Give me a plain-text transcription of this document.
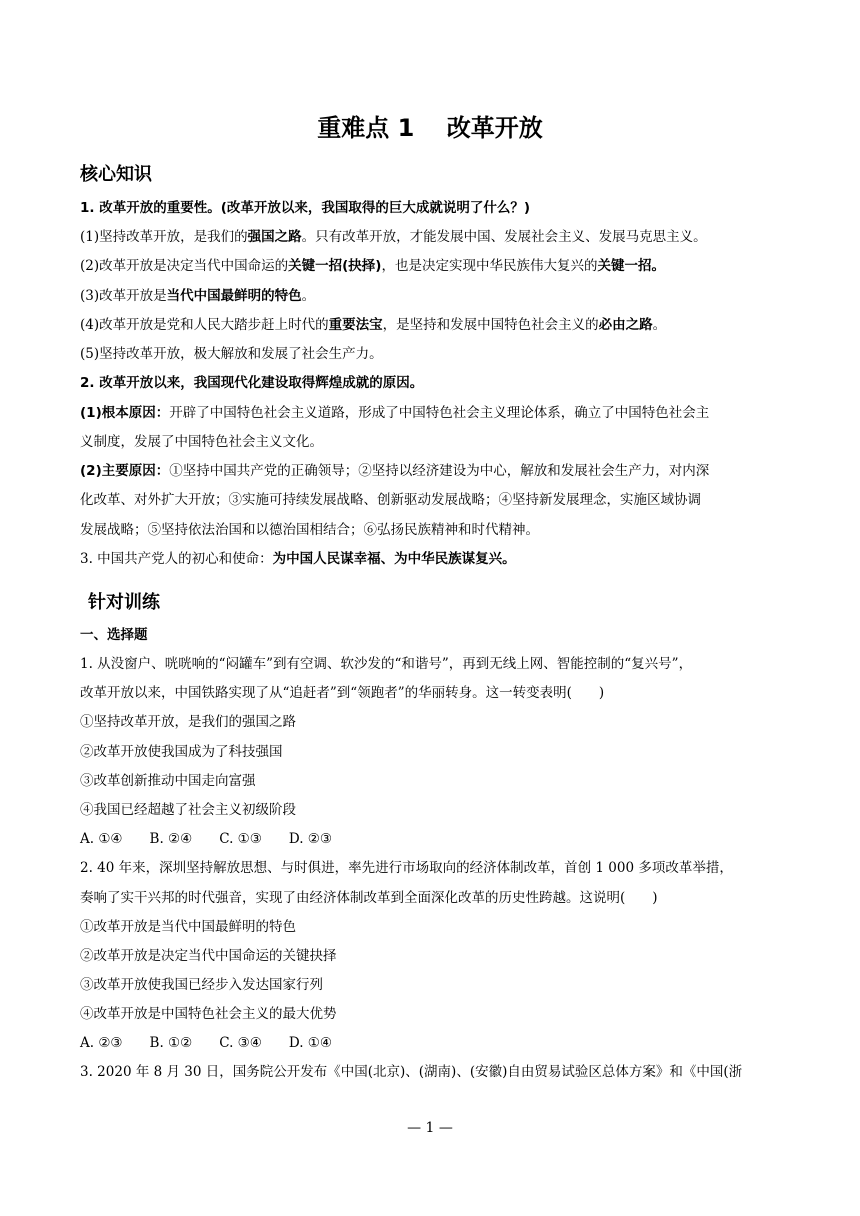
重难点 1　 改革开放
核心知识
1. 改革开放的重要性。(改革开放以来，我国取得的巨大成就说明了什么？)
(1)坚持改革开放，是我们的强国之路。只有改革开放，才能发展中国、发展社会主义、发展马克思主义。
(2)改革开放是决定当代中国命运的关键一招(抉择)，也是决定实现中华民族伟大复兴的关键一招。
(3)改革开放是当代中国最鲜明的特色。
(4)改革开放是党和人民大踏步赶上时代的重要法宝，是坚持和发展中国特色社会主义的必由之路。
(5)坚持改革开放，极大解放和发展了社会生产力。
2. 改革开放以来，我国现代化建设取得辉煌成就的原因。
(1)根本原因：开辟了中国特色社会主义道路，形成了中国特色社会主义理论体系，确立了中国特色社会主
义制度，发展了中国特色社会主义文化。
(2)主要原因：①坚持中国共产党的正确领导；②坚持以经济建设为中心，解放和发展社会生产力，对内深
化改革、对外扩大开放；③实施可持续发展战略、创新驱动发展战略；④坚持新发展理念，实施区域协调
发展战略；⑤坚持依法治国和以德治国相结合；⑥弘扬民族精神和时代精神。
3. 中国共产党人的初心和使命：为中国人民谋幸福、为中华民族谋复兴。
针对训练
一、选择题
1. 从没窗户、咣咣响的“闷罐车”到有空调、软沙发的“和谐号”，再到无线上网、智能控制的“复兴号”，
改革开放以来，中国铁路实现了从“追赶者”到“领跑者”的华丽转身。这一转变表明(　　)
①坚持改革开放，是我们的强国之路
②改革开放使我国成为了科技强国
③改革创新推动中国走向富强
④我国已经超越了社会主义初级阶段
A. ①④　　B. ②④　　C. ①③　　D. ②③
2. 40 年来，深圳坚持解放思想、与时俱进，率先进行市场取向的经济体制改革，首创 1 000 多项改革举措，
奏响了实干兴邦的时代强音，实现了由经济体制改革到全面深化改革的历史性跨越。这说明(　　)
①改革开放是当代中国最鲜明的特色
②改革开放是决定当代中国命运的关键抉择
③改革开放使我国已经步入发达国家行列
④改革开放是中国特色社会主义的最大优势
A. ②③　　B. ①②　　C. ③④　　D. ①④
3. 2020 年 8 月 30 日，国务院公开发布《中国(北京)、(湖南)、(安徽)自由贸易试验区总体方案》和《中国(浙
— 1 —
